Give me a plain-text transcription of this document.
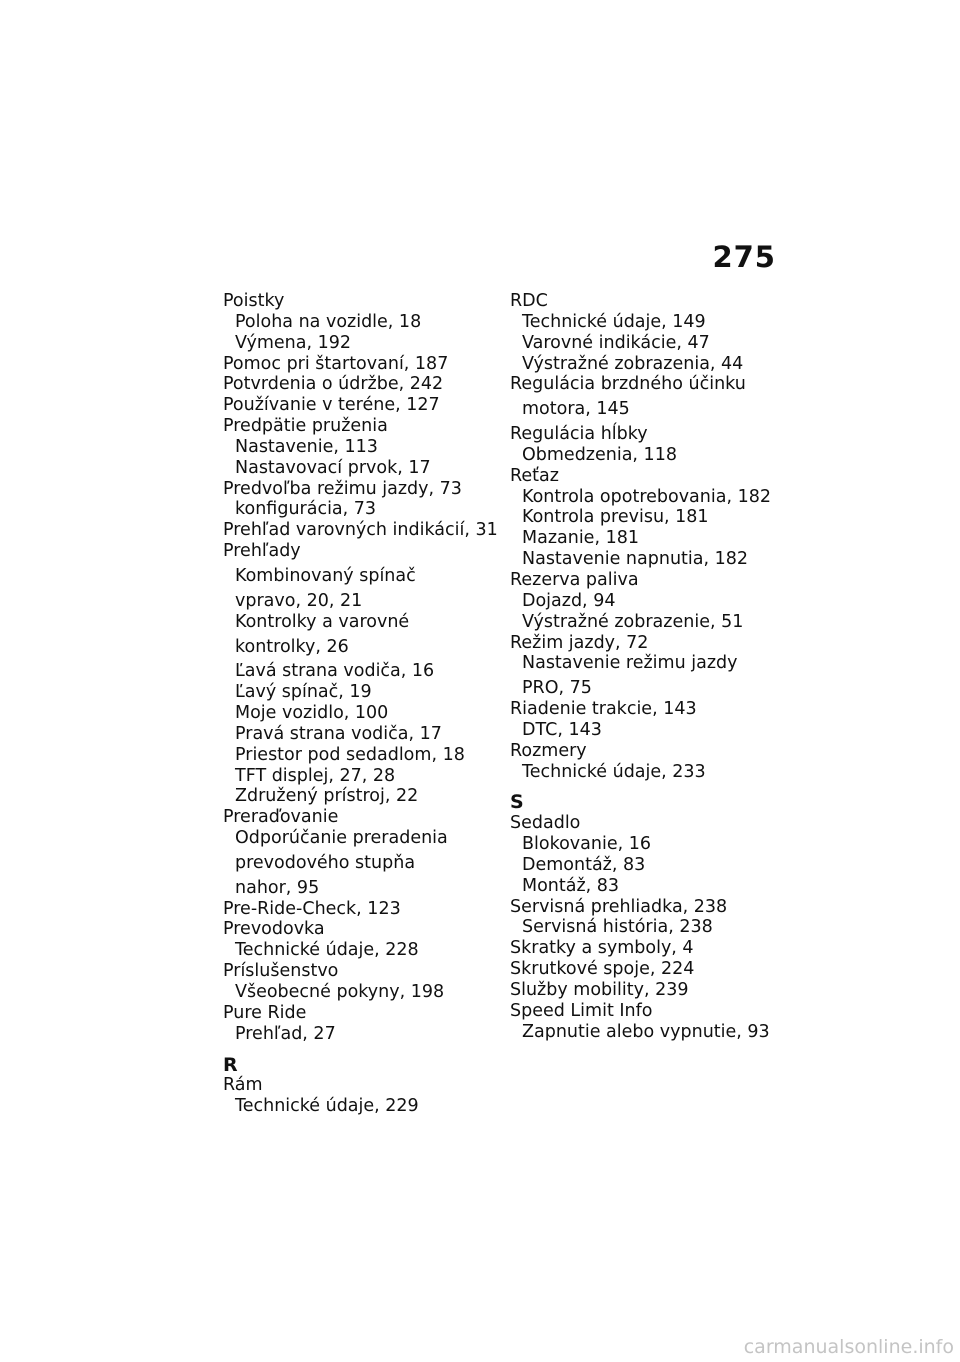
275
Poistky
Poloha na vozidle, 18
Výmena, 192
Pomoc pri štartovaní, 187
Potvrdenia o údržbe, 242
Používanie v teréne, 127
Predpätie pruženia
Nastavenie, 113
Nastavovací prvok, 17
Predvoľba režimu jazdy, 73
konfigurácia, 73
Prehľad varovných indikácií, 31
Prehľady
Kombinovaný spínač
vpravo, 20, 21
Kontrolky a varovné
kontrolky, 26
Ľavá strana vodiča, 16
Ľavý spínač, 19
Moje vozidlo, 100
Pravá strana vodiča, 17
Priestor pod sedadlom, 18
TFT displej, 27, 28
Združený prístroj, 22
Preraďovanie
Odporúčanie preradenia
prevodového stupňa
nahor, 95
Pre-Ride-Check, 123
Prevodovka
Technické údaje, 228
Príslušenstvo
Všeobecné pokyny, 198
Pure Ride
Prehľad, 27
R
Rám
Technické údaje, 229
RDC
Technické údaje, 149
Varovné indikácie, 47
Výstražné zobrazenia, 44
Regulácia brzdného účinku
motora, 145
Regulácia hĺbky
Obmedzenia, 118
Reťaz
Kontrola opotrebovania, 182
Kontrola previsu, 181
Mazanie, 181
Nastavenie napnutia, 182
Rezerva paliva
Dojazd, 94
Výstražné zobrazenie, 51
Režim jazdy, 72
Nastavenie režimu jazdy
PRO, 75
Riadenie trakcie, 143
DTC, 143
Rozmery
Technické údaje, 233
S
Sedadlo
Blokovanie, 16
Demontáž, 83
Montáž, 83
Servisná prehliadka, 238
Servisná história, 238
Skratky a symboly, 4
Skrutkové spoje, 224
Služby mobility, 239
Speed Limit Info
Zapnutie alebo vypnutie, 93
carmanualsonline.info
